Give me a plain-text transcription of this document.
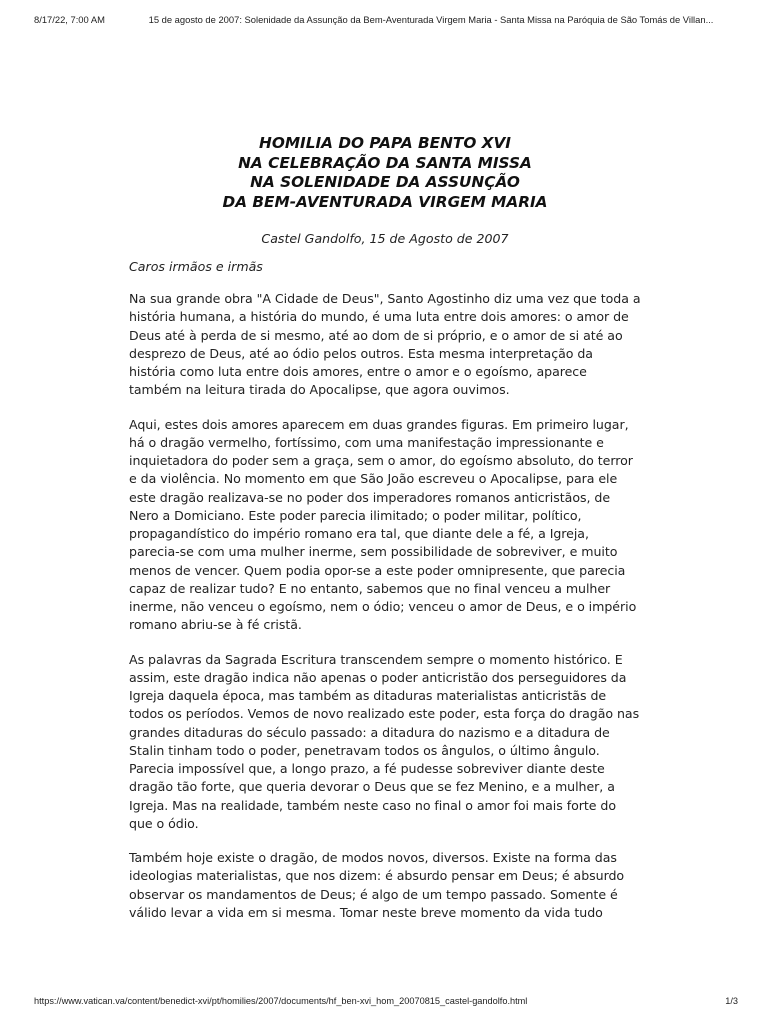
8/17/22, 7:00 AM	15 de agosto de 2007: Solenidade da Assunção da Bem-Aventurada Virgem Maria - Santa Missa na Paróquia de São Tomás de Villan...
HOMILIA DO PAPA BENTO XVI
NA CELEBRAÇÃO DA SANTA MISSA
NA SOLENIDADE DA ASSUNÇÃO
DA BEM-AVENTURADA VIRGEM MARIA

Castel Gandolfo, 15 de Agosto de 2007

Caros irmãos e irmãs

Na sua grande obra "A Cidade de Deus", Santo Agostinho diz uma vez que toda a história humana, a história do mundo, é uma luta entre dois amores: o amor de Deus até à perda de si mesmo, até ao dom de si próprio, e o amor de si até ao desprezo de Deus, até ao ódio pelos outros. Esta mesma interpretação da história como luta entre dois amores, entre o amor e o egoísmo, aparece também na leitura tirada do Apocalipse, que agora ouvimos.

Aqui, estes dois amores aparecem em duas grandes figuras. Em primeiro lugar, há o dragão vermelho, fortíssimo, com uma manifestação impressionante e inquietadora do poder sem a graça, sem o amor, do egoísmo absoluto, do terror e da violência. No momento em que São João escreveu o Apocalipse, para ele este dragão realizava-se no poder dos imperadores romanos anticristãos, de Nero a Domiciano. Este poder parecia ilimitado; o poder militar, político, propagandístico do império romano era tal, que diante dele a fé, a Igreja, parecia-se com uma mulher inerme, sem possibilidade de sobreviver, e muito menos de vencer. Quem podia opor-se a este poder omnipresente, que parecia capaz de realizar tudo? E no entanto, sabemos que no final venceu a mulher inerme, não venceu o egoísmo, nem o ódio; venceu o amor de Deus, e o império romano abriu-se à fé cristã.

As palavras da Sagrada Escritura transcendem sempre o momento histórico. E assim, este dragão indica não apenas o poder anticristão dos perseguidores da Igreja daquela época, mas também as ditaduras materialistas anticristãs de todos os períodos. Vemos de novo realizado este poder, esta força do dragão nas grandes ditaduras do século passado: a ditadura do nazismo e a ditadura de Stalin tinham todo o poder, penetravam todos os ângulos, o último ângulo. Parecia impossível que, a longo prazo, a fé pudesse sobreviver diante deste dragão tão forte, que queria devorar o Deus que se fez Menino, e a mulher, a Igreja. Mas na realidade, também neste caso no final o amor foi mais forte do que o ódio.

Também hoje existe o dragão, de modos novos, diversos. Existe na forma das ideologias materialistas, que nos dizem: é absurdo pensar em Deus; é absurdo observar os mandamentos de Deus; é algo de um tempo passado. Somente é válido levar a vida em si mesma. Tomar neste breve momento da vida tudo

https://www.vatican.va/content/benedict-xvi/pt/homilies/2007/documents/hf_ben-xvi_hom_20070815_castel-gandolfo.html	1/3
